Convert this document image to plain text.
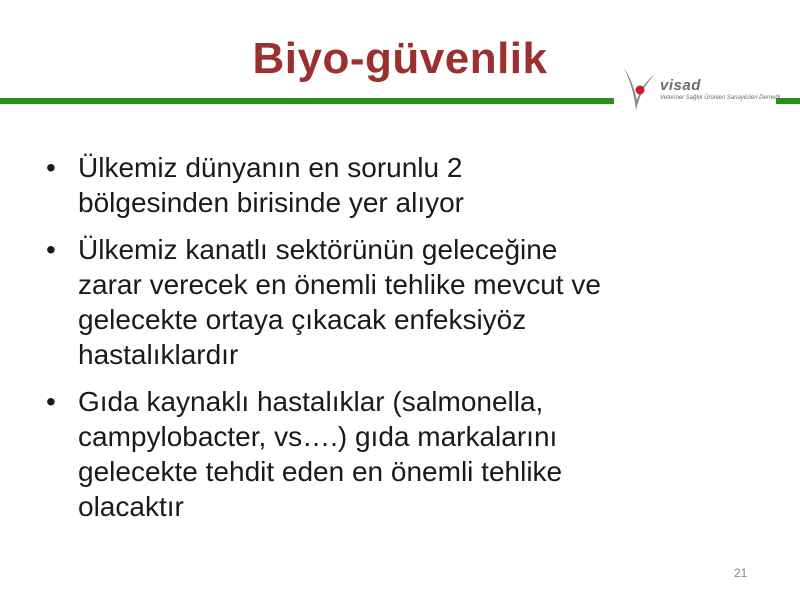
Biyo-güvenlik
visad
Veteriner Sağlık Ürünleri Sanayicileri Derneği
• Ülkemiz dünyanın en sorunlu 2
bölgesinden birisinde yer alıyor
• Ülkemiz kanatlı sektörünün geleceğine
zarar verecek en önemli tehlike mevcut ve
gelecekte ortaya çıkacak enfeksiyöz
hastalıklardır
• Gıda kaynaklı hastalıklar (salmonella,
campylobacter, vs….) gıda markalarını
gelecekte tehdit eden en önemli tehlike
olacaktır
21
